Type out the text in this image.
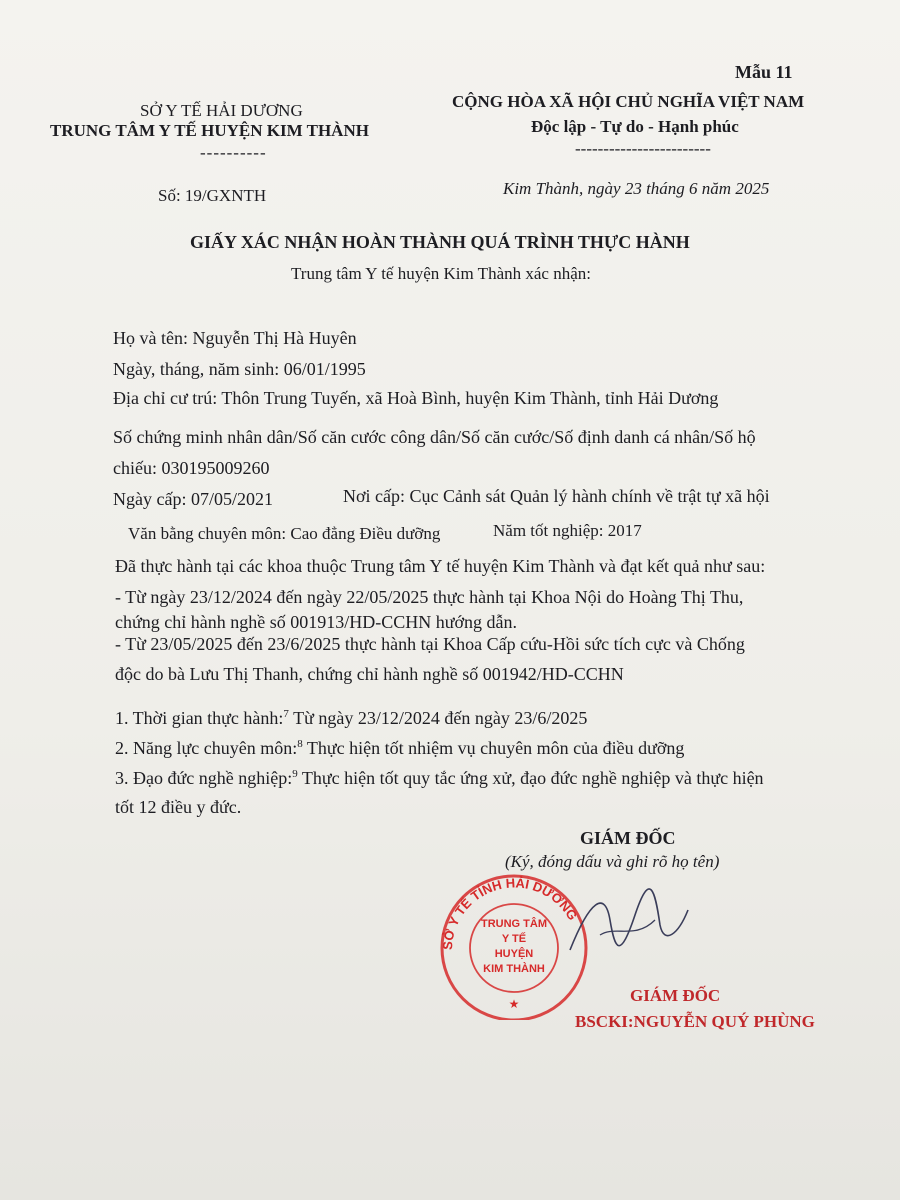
SỞ Y TẾ HẢI DƯƠNG
TRUNG TÂM Y TẾ HUYỆN KIM THÀNH
----------
Mẫu 11
CỘNG HÒA XÃ HỘI CHỦ NGHĨA VIỆT NAM
Độc lập - Tự do - Hạnh phúc
------------------------
Số: 19/GXNTH	Kim Thành, ngày 23 tháng 6 năm 2025
GIẤY XÁC NHẬN HOÀN THÀNH QUÁ TRÌNH THỰC HÀNH
Trung tâm Y tế huyện Kim Thành xác nhận:
Họ và tên: Nguyễn Thị Hà Huyên
Ngày, tháng, năm sinh: 06/01/1995
Địa chỉ cư trú: Thôn Trung Tuyến, xã Hoà Bình, huyện Kim Thành, tỉnh Hải Dương
Số chứng minh nhân dân/Số căn cước công dân/Số căn cước/Số định danh cá nhân/Số hộ
chiếu: 030195009260
Ngày cấp: 07/05/2021	Nơi cấp: Cục Cảnh sát Quản lý hành chính về trật tự xã hội
Văn bằng chuyên môn: Cao đẳng Điều dưỡng	Năm tốt nghiệp: 2017
Đã thực hành tại các khoa thuộc Trung tâm Y tế huyện Kim Thành và đạt kết quả như sau:
- Từ ngày 23/12/2024 đến ngày 22/05/2025 thực hành tại Khoa Nội do Hoàng Thị Thu,
chứng chỉ hành nghề số 001913/HD-CCHN hướng dẫn.
- Từ 23/05/2025 đến 23/6/2025 thực hành tại Khoa Cấp cứu-Hồi sức tích cực và Chống
độc do bà Lưu Thị Thanh, chứng chỉ hành nghề số 001942/HD-CCHN
1. Thời gian thực hành:$^7$ Từ ngày 23/12/2024 đến ngày 23/6/2025
2. Năng lực chuyên môn:$^8$ Thực hiện tốt nhiệm vụ chuyên môn của điều dưỡng
3. Đạo đức nghề nghiệp:$^9$ Thực hiện tốt quy tắc ứng xử, đạo đức nghề nghiệp và thực hiện
tốt 12 điều y đức.
GIÁM ĐỐC
(Ký, đóng dấu và ghi rõ họ tên)
SỞ Y TẾ TỈNH HẢI DƯƠNG
TRUNG TÂM
Y TẾ
HUYỆN
KIM THÀNH
★	GIÁM ĐỐC
BSCKI:NGUYỄN QUÝ PHÙNG
